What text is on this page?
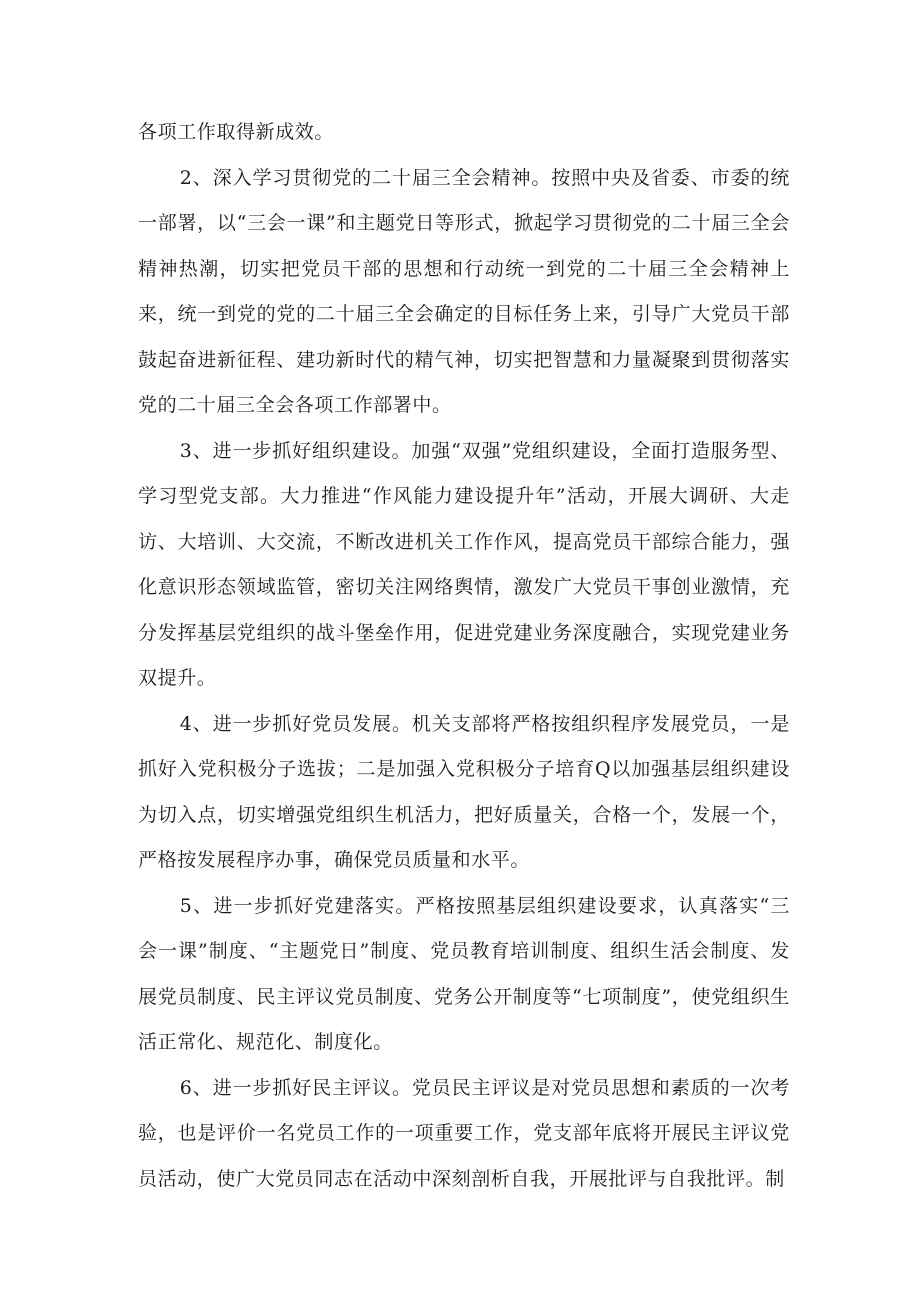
各项工作取得新成效。

2、深入学习贯彻党的二十届三全会精神。按照中央及省委、市委的统一部署，以“三会一课”和主题党日等形式，掀起学习贯彻党的二十届三全会精神热潮，切实把党员干部的思想和行动统一到党的二十届三全会精神上来，统一到党的党的二十届三全会确定的目标任务上来，引导广大党员干部鼓起奋进新征程、建功新时代的精气神，切实把智慧和力量凝聚到贯彻落实党的二十届三全会各项工作部署中。

3、进一步抓好组织建设。加强“双强”党组织建设，全面打造服务型、学习型党支部。大力推进“作风能力建设提升年”活动，开展大调研、大走访、大培训、大交流，不断改进机关工作作风，提高党员干部综合能力，强化意识形态领域监管，密切关注网络舆情，激发广大党员干事创业激情，充分发挥基层党组织的战斗堡垒作用，促进党建业务深度融合，实现党建业务双提升。

4、进一步抓好党员发展。机关支部将严格按组织程序发展党员，一是抓好入党积极分子选拔；二是加强入党积极分子培育Q以加强基层组织建设为切入点，切实增强党组织生机活力，把好质量关，合格一个，发展一个，严格按发展程序办事，确保党员质量和水平。

5、进一步抓好党建落实。严格按照基层组织建设要求，认真落实“三会一课”制度、“主题党日”制度、党员教育培训制度、组织生活会制度、发展党员制度、民主评议党员制度、党务公开制度等“七项制度”，使党组织生活正常化、规范化、制度化。

6、进一步抓好民主评议。党员民主评议是对党员思想和素质的一次考验，也是评价一名党员工作的一项重要工作，党支部年底将开展民主评议党员活动，使广大党员同志在活动中深刻剖析自我，开展批评与自我批评。制
